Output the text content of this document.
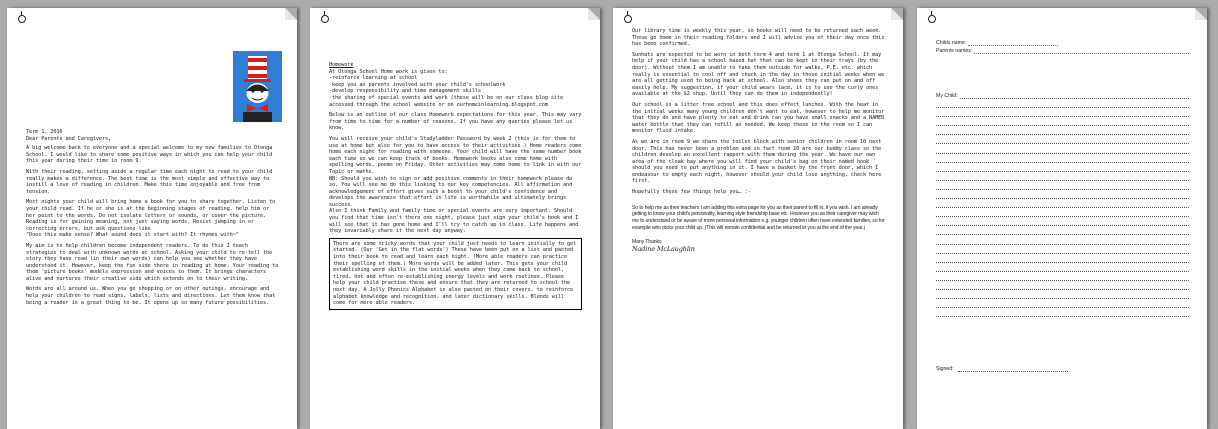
Term 1, 2016

Dear Parents and Caregivers,

A big welcome back to everyone and a special welcome to my new families to Otonga School. I would like to share some positive ways in which you can help your child this year during their time in room 9.

With their reading, setting aside a regular time each night to read to your child really makes a difference. The best time is the most simple and effective way to instill a love of reading in children. Make this time enjoyable and free from tension.

Most nights your child will bring home a book for you to share together. Listen to your child read. If he or she is at the beginning stages of reading, help him or her point to the words. Do not isolate letters or sounds, or cover the picture. Reading is for gaining meaning, not just saying words. Resist jumping in or correcting errors, but ask questions like

"Does this make sense? What sound does it start with? It rhymes with~"

My aim is to help children become independent readers. To do this I teach strategies to deal with unknown words at school. Asking your child to re-tell the story they have read (in their own words) can help you see whether they have understood it. However, keep the fun side there in reading at home. Your reading to them 'picture books' models expression and voices to them. It brings characters alive and nurtures their creative side which extends on to their writing.

Words are all around us. When you go shopping or on other outings, encourage and help your children to read signs, labels, lists and directions. Let them know that being a reader is a great thing to be. It opens up so many future possibilities.

Homework

At Otonga School Home work is given to:

-reinforce learning at school

-keep you as parents involved with your child's schoolwork

-develop responsibility and time management skills

-the sharing of special events and work (these will be on our class blog site accessed through the school website or on ourhomeinlearning.blogspot.com

Below is an outline of our class Homework expectations for this year. This may vary from time to time for a number of reasons. If you have any queries please let us know.

You will receive your child's Studyladder Password by week 2 (this is for them to use at home but also for you to have access to their activities.) Home readers come home each night for reading with someone. Your child will have the same number book each time so we can keep track of books. Homework books also come home with spelling words, poems on Friday. Other activities may come home to link in with our Topic or maths.

NB: Should you wish to sign or add positive comments in their homework please do so. You will see me do this linking to our key competencies. All affirmation and acknowledgement of effort gives such a boost to your child's confidence and develops the awareness that effort in life is worthwhile and ultimately brings success.

Also I think Family and family time or special events are very important. Should you find that time isn't there one night, please just sign your child's book and I will see that it has gone home and I'll try to catch up in class. Life happens and they invariably share it the next day anyway.

There are some tricky words that your child just needs to learn initially to get started. (Our 'Get in the flat words') These have been put on a list and pasted into their book to read and learn each night. (More able readers can practice their spelling of them.) More words will be added later. This gets your child establishing word skills in the initial weeks when they come back to school, tired, hot and often re-establishing energy levels and work routines. Please help your child practise these and ensure that they are returned to school the next day. A Jolly Phonics Alphabet is also pasted on their covers, to reinforce alphabet knowledge and recognition, and later dictionary skills. Blends will come for more able readers.

Our library time is weekly this year, so books will need to be returned each week. These go home in their reading folders and I will advise you of their day once this has been confirmed.

Sunhats are expected to be worn in both term 4 and term 1 at Otonga School. It may help if your child has a school based hat that can be kept in their trays (by the door). Without them I am unable to take them outside for walks, P.E. etc. which really is essential to cool off and chuck in the day in those initial weeks when we are all getting used to being back at school. Also shoes they can put on and off easily help. My suggestion, if your child wears lace, it is to use the curly ones available at the $2 shop. Until they can do them in independently!

Our school is a litter free school and this does effect lunches. With the heat in the initial weeks many young children don't want to eat, however to help me monitor that they do and have plenty to eat and drink can you have small snacks and a NAMED water bottle that they can refill as needed. We keep these in the room so I can monitor fluid intake.

As we are in room 9 we share the toilet block with senior children in room 10 next door. This has never been a problem and in fact room 10 are our buddy class so the children develop an excellent rapport with them during the year. We have our own area of the cloak bay where you will find your child's bag on their named hook should you need to put anything in it. I have a basket by the front door, which I endeavour to empty each night, however should your child lose anything, check here first.

Hopefully these few things help you… :-

So to help me as their teachers I am adding this extra page for you as their parent to fill in, if you wish. I am already getting to know your child's personality, learning style friendship base etc. However you as their caregiver may wish me to understand or be aware of more personal information e.g. younger children often have extended families, so for example who picks your child up. (This will remain confidential and be returned to you at the end of the year.)

Many Thanks

Nadine McLaughlin

Childs name:
Parents names:
My Child:
Signed:
